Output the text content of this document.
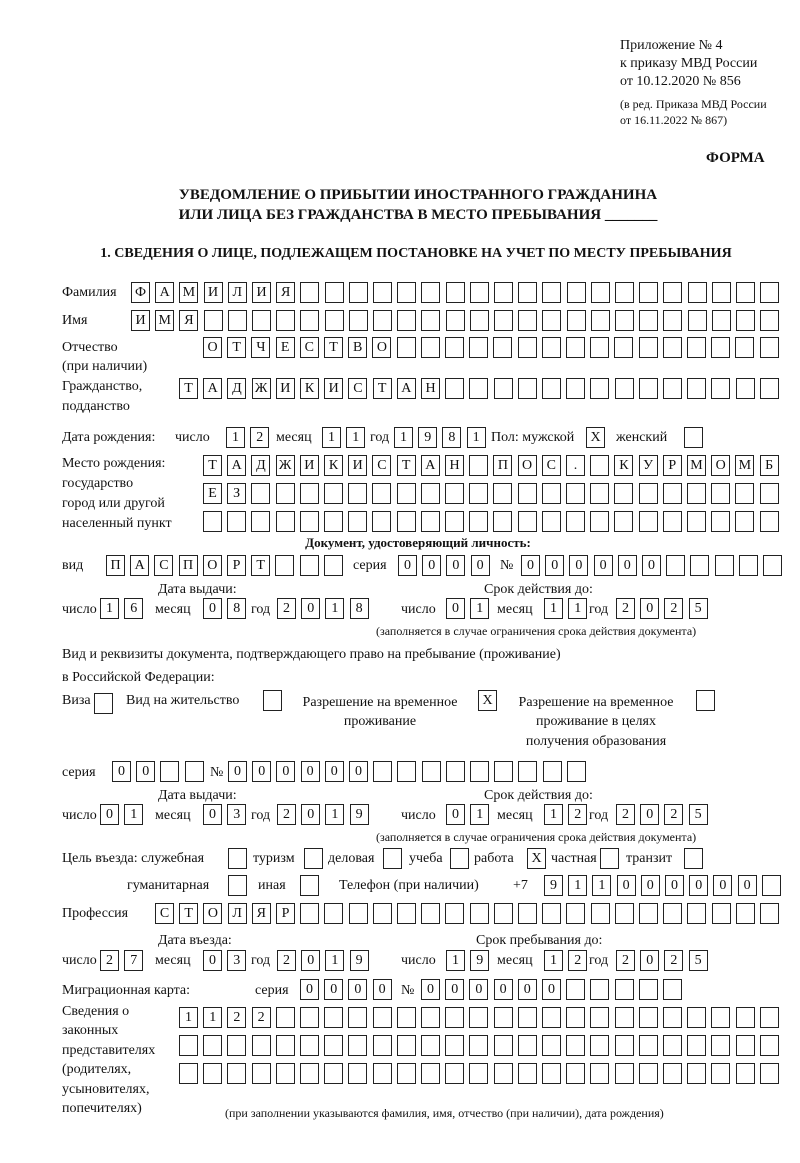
Приложение № 4
к приказу МВД России
от 10.12.2020 № 856
(в ред. Приказа МВД России
от 16.11.2022 № 867)
ФОРМА
УВЕДОМЛЕНИЕ О ПРИБЫТИИ ИНОСТРАННОГО ГРАЖДАНИНА
ИЛИ ЛИЦА БЕЗ ГРАЖДАНСТВА В МЕСТО ПРЕБЫВАНИЯ _______
1. СВЕДЕНИЯ О ЛИЦЕ, ПОДЛЕЖАЩЕМ ПОСТАНОВКЕ НА УЧЕТ ПО МЕСТУ ПРЕБЫВАНИЯ
Фамилия Ф А М И	Л	И	Я
Имя	И М Я
Отчество
(при наличии)
О	Т	Ч	Е	С	Т	В	О
Гражданство,
подданство
Т	А	Д Ж И	К	И	С	Т	А	Н
Дата рождения: число	1	2 месяц	1	1 год 1	9	8	1 Пол: мужской	X	женский
Место рождения:
государство
город или другой
населенный пункт
Т	А	Д Ж И	К	И	С	Т	А	Н	П	О	С	.	К	У	Р	М О М Б
Е	З
Документ, удостоверяющий личность:
вид	П	А	С	П	О	Р	Т	серия	0	0	0	0	№ 0	0	0	0	0	0
Дата выдачи:	Срок действия до:
число 1	6	месяц	0	8 год 2	0	1	8	число	0	1 месяц	1	1 год 2	0	2	5
(заполняется в случае ограничения срока действия документа)
Вид и реквизиты документа, подтверждающего право на пребывание (проживание)
в Российской Федерации:
Виза	Вид на жительство	Разрешение на временное
проживание
X	Разрешение на временное
проживание в целях
получения образования
серия	0	0	№ 0	0	0	0	0	0
Дата выдачи:	Срок действия до:
число 0	1	месяц	0	3 год 2	0	1	9	число	0	1 месяц	1	2 год 2	0	2	5
(заполняется в случае ограничения срока действия документа)
Цель въезда: служебная	туризм деловая учеба работа	X частная транзит
гуманитарная	иная	Телефон (при наличии) +7	9	1	1	0	0	0	0	0	0
Профессия	С	Т	О	Л	Я	Р
Дата въезда:	Срок пребывания до:
число 2	7	месяц	0	3 год 2	0	1	9	число	1	9 месяц	1	2 год 2	0	2	5
Миграционная карта:	серия	0	0	0	0	№ 0	0	0	0	0	0
Сведения о
законных
представителях
(родителях,
усыновителях,
попечителях)
1	1	2	2
(при заполнении указываются фамилия, имя, отчество (при наличии), дата рождения)
